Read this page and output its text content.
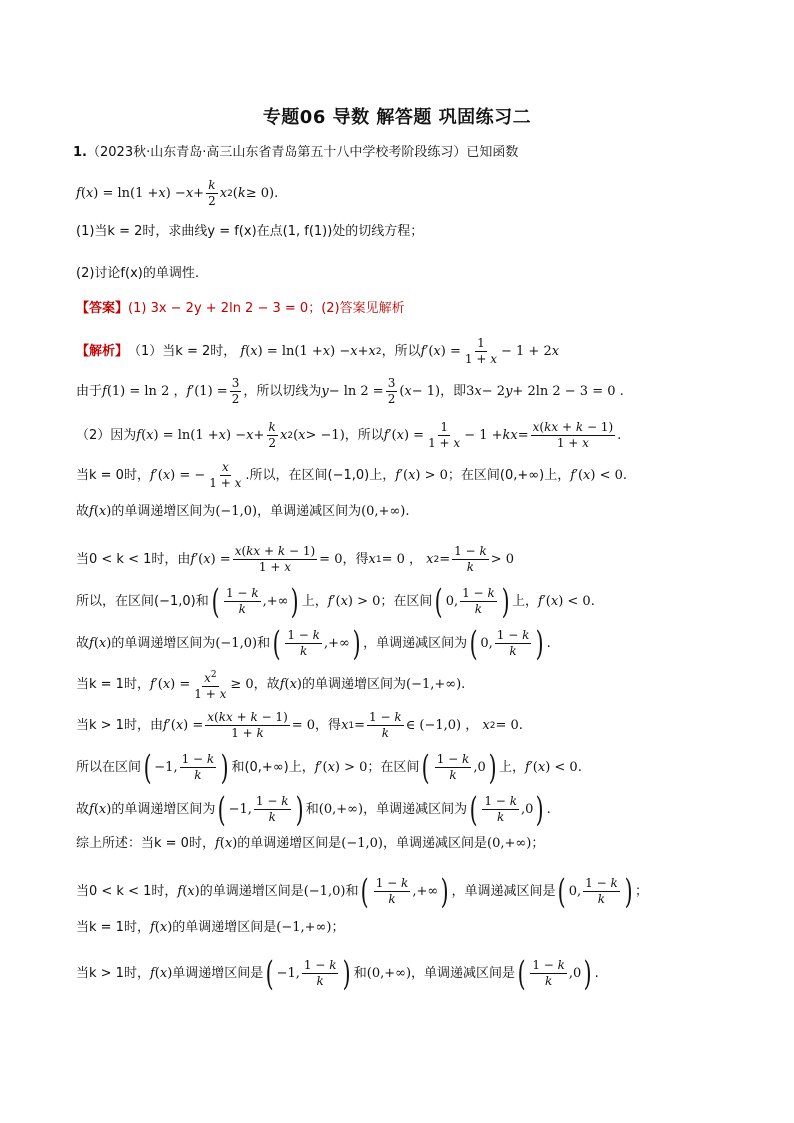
专题06 导数 解答题 巩固练习二
1 . （2023秋·山东青岛·高三山东省青岛第五十八中学校考阶段练习）已知函数
f ( x ) = ln(1 + x ) − $x + \frac{k}{2}$ x 2 ( k ≥ 0).
(1)当k = 2时，求曲线y = f(x)在点(1, f(1))处的切线方程；
(2)讨论f(x)的单调性.
【答案】 (1) 3x − 2y + 2ln 2 − 3 = 0 ； (2)答案见解析
【解析】 （1）当 k = 2时，
f ( x ) = ln(1 + x ) − x + x 2 ，所以 f ′( x ) = $\frac{1}{1 + x} - 1 + 2$ x
由于 f (1) = ln 2 ， f $'(1) = \frac{3}{2}$ ，所以切线为 $y - \ln 2 = \frac{3}{2}$ ( x − 1) ，即 3 x − 2 y + 2ln 2 − 3 = 0 .
（2）因为 f ( x ) = ln(1 + x ) − $x + \frac{k}{2}$ x 2 ( x > −1) ，所以 f ′( x ) = $\frac{1}{1 + x} - 1$ + kx = $\frac{x(kx + k - 1)}{1 + x}$ .
当k = 0时， f ′( x ) = − $\frac{x}{1 + x}$ .所以，在区间(−1,0)上， f ′( x ) > 0 ；在区间(0,+∞)上， f ′( x ) < 0.
故 f ( x ) 的单调递增区间为 (−1,0) ，单调递减区间为 (0,+∞).
当0 < k < 1时，由 f ′( x ) = $\frac{x(kx + k - 1)}{1 + x} = 0$ ，得 x 1 = 0 ， x $2 = \frac{1 - k}{k} > 0$
所以，在区间(−1,0)和 ( $\frac{1 - k}{k}$ ,+∞ ) 上， f ′( x ) > 0 ；在区间 ( 0, $\frac{1 - k}{k}$ ) 上， f ′( x ) < 0.
故 f ( x ) 的单调递增区间为 (−1,0) 和 ( $\frac{1 - k}{k}$ ,+∞ ) ，单调递减区间为 ( 0, $\frac{1 - k}{k}$ ) .
当k = 1时， f ′( x ) = $\frac{x^2}{1 + x} \ge 0$ ，故 f ( x ) 的单调递增区间为 (−1,+∞).
当k > 1时，由 f ′( x ) = $\frac{x(kx + k - 1)}{1 + k} = 0$ ，得 x $1 = \frac{1 - k}{k}$ ∈ (−1,0) ， x 2 = 0.
所以在区间 ( −1, $\frac{1 - k}{k}$ ) 和(0,+∞)上， f ′( x ) > 0 ；在区间 ( $\frac{1 - k}{k} ,0$ ) 上， f ′( x ) < 0.
故 f ( x ) 的单调递增区间为 ( −1, $\frac{1 - k}{k}$ ) 和 (0,+∞) ，单调递减区间为 ( $\frac{1 - k}{k} ,0$ ) .
综上所述：当k = 0时， f ( x ) 的单调递增区间是 (−1,0) ，单调递减区间是 (0,+∞) ；
当0 < k < 1时， f ( x ) 的单调递增区间是 (−1,0) 和 ( $\frac{1 - k}{k}$ ,+∞ ) ，单调递减区间是 ( 0, $\frac{1 - k}{k}$ ) ；
当k = 1时， f ( x ) 的单调递增区间是 (−1,+∞) ；
当k > 1时， f ( x ) 单调递增区间是 ( −1, $\frac{1 - k}{k}$ ) 和 (0,+∞) ，单调递减区间是 ( $\frac{1 - k}{k} ,0$ ) .
